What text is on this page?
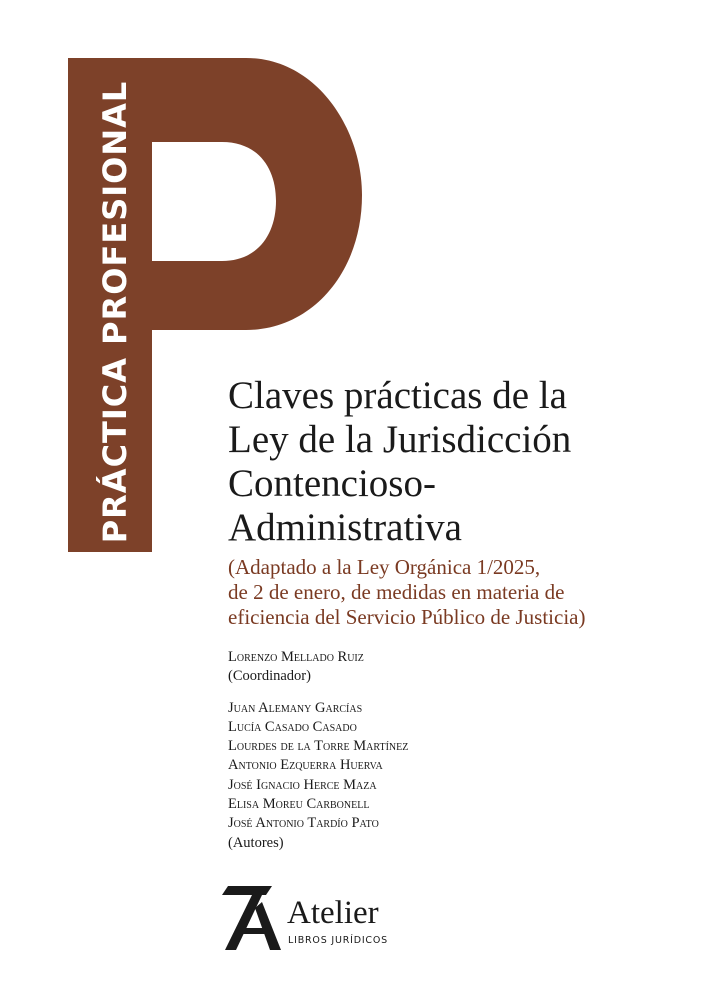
PRÁCTICA PROFESIONAL Claves prácticas de la
Ley de la Jurisdicción
Contencioso-
Administrativa
(Adaptado a la Ley Orgánica 1/2025,
de 2 de enero, de medidas en materia de
eficiencia del Servicio Público de Justicia)
Lorenzo Mellado Ruiz
(Coordinador)
Juan Alemany Garcías
Lucía Casado Casado
Lourdes de la Torre Martínez
Antonio Ezquerra Huerva
José Ignacio Herce Maza
Elisa Moreu Carbonell
José Antonio Tardío Pato
(Autores)
Atelier
LIBROS JURÍDICOS
